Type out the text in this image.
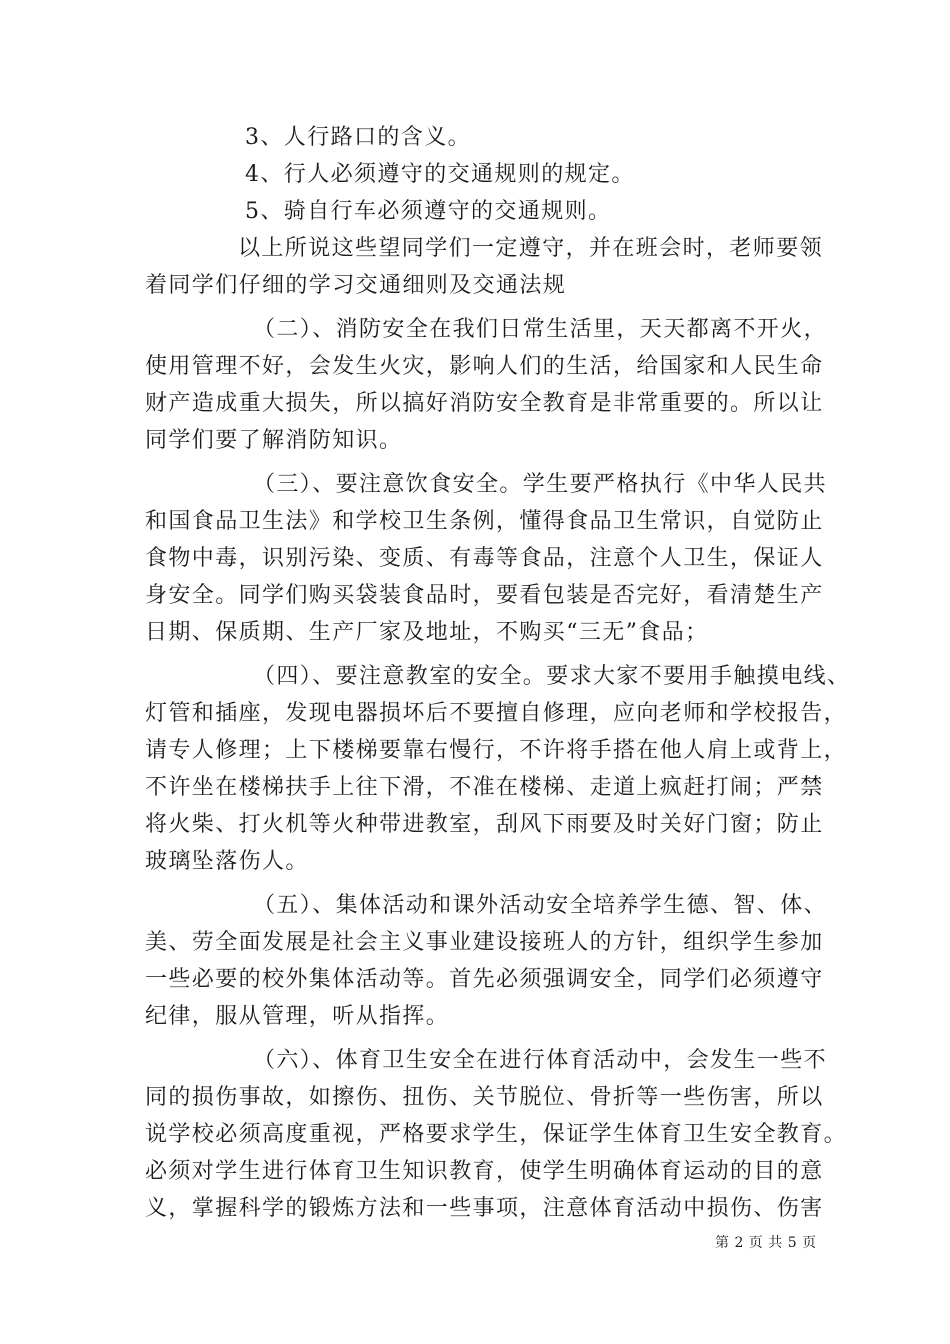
3、人行路口的含义。
4、行人必须遵守的交通规则的规定。
5、骑自行车必须遵守的交通规则。
以上所说这些望同学们一定遵守，并在班会时，老师要领
着同学们仔细的学习交通细则及交通法规
（二）、消防安全在我们日常生活里，天天都离不开火，
使用管理不好，会发生火灾，影响人们的生活，给国家和人民生命
财产造成重大损失，所以搞好消防安全教育是非常重要的。所以让
同学们要了解消防知识。
（三）、要注意饮食安全。学生要严格执行《中华人民共
和国食品卫生法》和学校卫生条例，懂得食品卫生常识，自觉防止
食物中毒，识别污染、变质、有毒等食品，注意个人卫生，保证人
身安全。同学们购买袋装食品时，要看包装是否完好，看清楚生产
日期、保质期、生产厂家及地址，不购买“三无”食品；
（四）、要注意教室的安全。要求大家不要用手触摸电线、
灯管和插座，发现电器损坏后不要擅自修理，应向老师和学校报告，
请专人修理；上下楼梯要靠右慢行，不许将手搭在他人肩上或背上，
不许坐在楼梯扶手上往下滑，不准在楼梯、走道上疯赶打闹；严禁
将火柴、打火机等火种带进教室，刮风下雨要及时关好门窗；防止
玻璃坠落伤人。
（五）、集体活动和课外活动安全培养学生德、智、体、
美、劳全面发展是社会主义事业建设接班人的方针，组织学生参加
一些必要的校外集体活动等。首先必须强调安全，同学们必须遵守
纪律，服从管理，听从指挥。
（六）、体育卫生安全在进行体育活动中，会发生一些不
同的损伤事故，如擦伤、扭伤、关节脱位、骨折等一些伤害，所以
说学校必须高度重视，严格要求学生，保证学生体育卫生安全教育。
必须对学生进行体育卫生知识教育，使学生明确体育运动的目的意
义，掌握科学的锻炼方法和一些事项，注意体育活动中损伤、伤害
第 2 页 共 5 页
